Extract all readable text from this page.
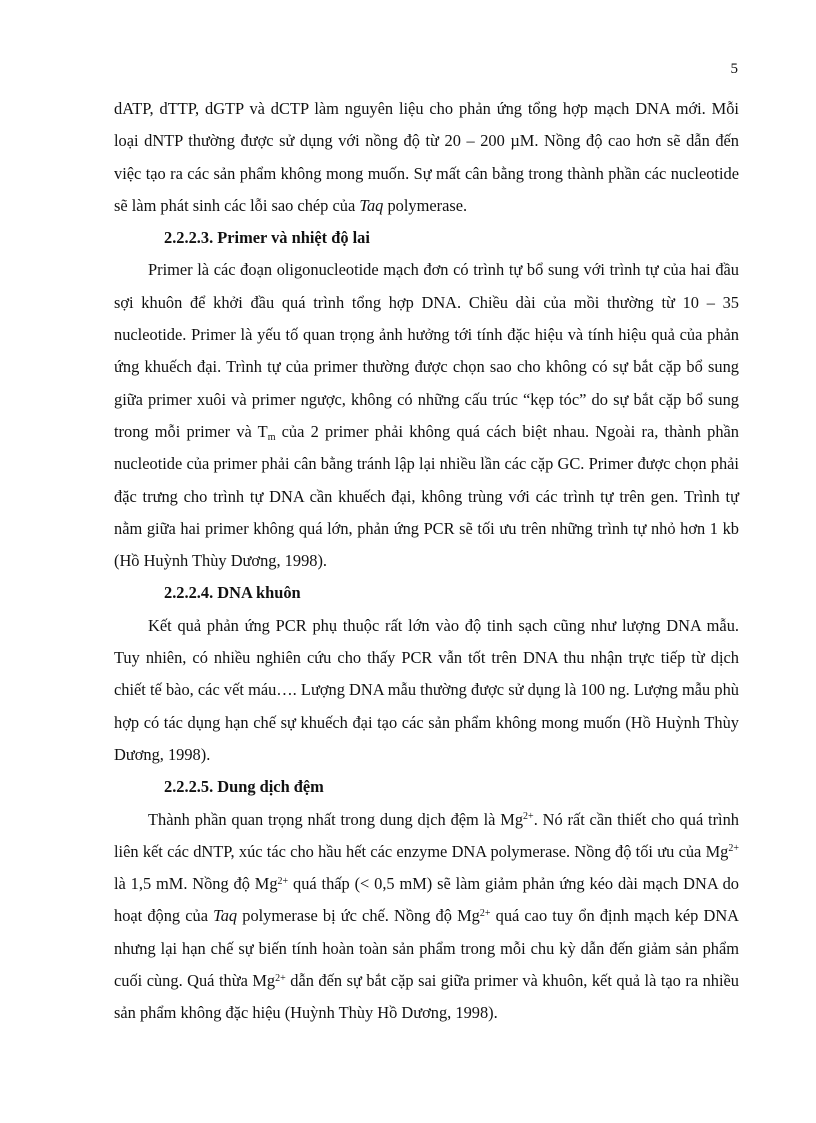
5

dATP, dTTP, dGTP và dCTP làm nguyên liệu cho phản ứng tổng hợp mạch DNA mới. Mỗi loại dNTP thường được sử dụng với nồng độ từ 20 – 200 µM. Nồng độ cao hơn sẽ dẫn đến việc tạo ra các sản phẩm không mong muốn. Sự mất cân bằng trong thành phần các nucleotide sẽ làm phát sinh các lỗi sao chép của Taq polymerase.

2.2.2.3. Primer và nhiệt độ lai

Primer là các đoạn oligonucleotide mạch đơn có trình tự bổ sung với trình tự của hai đầu sợi khuôn để khởi đầu quá trình tổng hợp DNA. Chiều dài của mồi thường từ 10 – 35 nucleotide. Primer là yếu tố quan trọng ảnh hưởng tới tính đặc hiệu và tính hiệu quả của phản ứng khuếch đại. Trình tự của primer thường được chọn sao cho không có sự bắt cặp bổ sung giữa primer xuôi và primer ngược, không có những cấu trúc “kẹp tóc” do sự bắt cặp bổ sung trong mỗi primer và $T_m$ của 2 primer phải không quá cách biệt nhau. Ngoài ra, thành phần nucleotide của primer phải cân bằng tránh lập lại nhiều lần các cặp GC. Primer được chọn phải đặc trưng cho trình tự DNA cần khuếch đại, không trùng với các trình tự trên gen. Trình tự nằm giữa hai primer không quá lớn, phản ứng PCR sẽ tối ưu trên những trình tự nhỏ hơn 1 kb (Hồ Huỳnh Thùy Dương, 1998).

2.2.2.4. DNA khuôn

Kết quả phản ứng PCR phụ thuộc rất lớn vào độ tinh sạch cũng như lượng DNA mẫu. Tuy nhiên, có nhiều nghiên cứu cho thấy PCR vẫn tốt trên DNA thu nhận trực tiếp từ dịch chiết tế bào, các vết máu…. Lượng DNA mẫu thường được sử dụng là 100 ng. Lượng mẫu phù hợp có tác dụng hạn chế sự khuếch đại tạo các sản phẩm không mong muốn (Hồ Huỳnh Thùy Dương, 1998).

2.2.2.5. Dung dịch đệm

Thành phần quan trọng nhất trong dung dịch đệm là $Mg^{2+}$. Nó rất cần thiết cho quá trình liên kết các dNTP, xúc tác cho hầu hết các enzyme DNA polymerase. Nồng độ tối ưu của $Mg^{2+}$ là 1,5 mM. Nồng độ $Mg^{2+}$ quá thấp (< 0,5 mM) sẽ làm giảm phản ứng kéo dài mạch DNA do hoạt động của Taq polymerase bị ức chế. Nồng độ $Mg^{2+}$ quá cao tuy ổn định mạch kép DNA nhưng lại hạn chế sự biến tính hoàn toàn sản phẩm trong mỗi chu kỳ dẫn đến giảm sản phẩm cuối cùng. Quá thừa $Mg^{2+}$ dẫn đến sự bắt cặp sai giữa primer và khuôn, kết quả là tạo ra nhiều sản phẩm không đặc hiệu (Huỳnh Thùy Hồ Dương, 1998).
